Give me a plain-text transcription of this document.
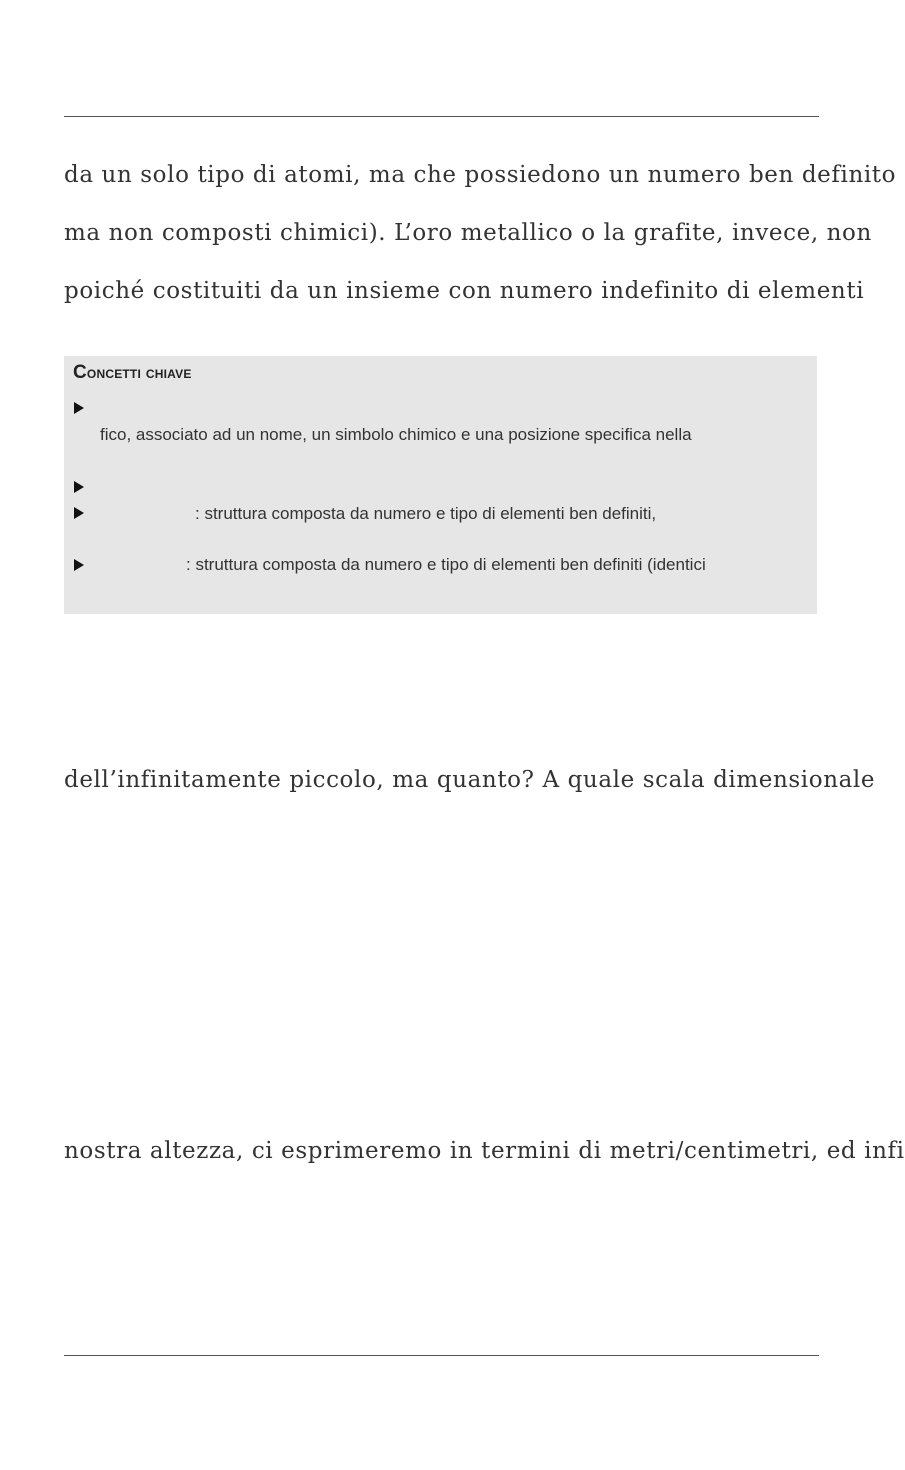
da un solo tipo di atomi, ma che possiedono un numero ben definito
ma non composti chimici). L’oro metallico o la grafite, invece, non
poiché costituiti da un insieme con numero indefinito di elementi
Concetti chiave
fico, associato ad un nome, un simbolo chimico e una posizione specifica nella
: struttura composta da numero e tipo di elementi ben definiti,
: struttura composta da numero e tipo di elementi ben definiti (identici
dell’infinitamente piccolo, ma quanto? A quale scala dimensionale
nostra altezza, ci esprimeremo in termini di metri/centimetri, ed infi
